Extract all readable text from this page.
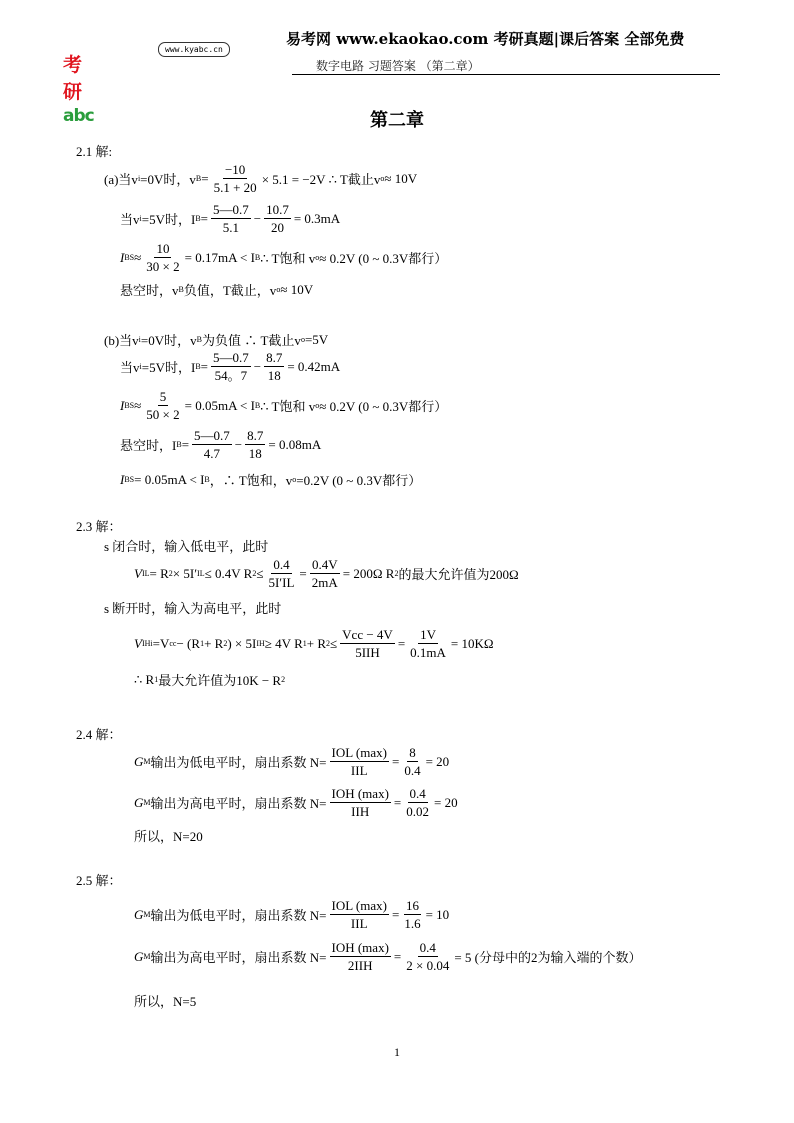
www.kyabc.cn
考研abc
易考网 www.ekaokao.com 考研真题|课后答案 全部免费
数字电路 习题答案 （第二章）
第二章
2.1 解:
(a)当v i =0V时，v $B = \frac{-10}{5.1 + 20} \times 5.1 = -2V$ ∴ T截止v o ≈ 10V
当v i =5V时，I $B = \frac{5—0.7}{5.1} - \frac{10.7}{20} = 0.3mA$
I BS ≈ $\frac{10}{30 \times 2} = 0.17mA < I$ B ∴ T饱和 v o ≈ 0.2V (0 ~ 0.3V都行）
悬空时，v B 负值，T截止，v o ≈ 10V
(b)当v i =0V时，v B 为负值 ∴ T截止v o =5V
当v i =5V时，I $B = \frac{5—0.7}{54。7} - \frac{8.7}{18} = 0.42mA$
I BS ≈ $\frac{5}{50 \times 2} = 0.05mA < I$ B ∴ T饱和 v o ≈ 0.2V (0 ~ 0.3V都行）
悬空时，I $B = \frac{5—0.7}{4.7} - \frac{8.7}{18} = 0.08mA$
I BS = 0.05mA < I B ，∴ T饱和，v o =0.2V (0 ~ 0.3V都行）
2.3 解：
s 闭合时，输入低电平，此时
V IL = R 2 × 5I′ IL ≤ 0.4V R $2 \le \frac{0.4}{5I'IL} = \frac{0.4V}{2mA} = 200\Omega$ R 2 的最大允许值为200Ω
s 断开时，输入为高电平，此时
V IHi =V cc − (R 1 + R 2 ) × 5I IH ≥ 4V R 1 + R $2 \le \frac{\text{Vcc − 4V}}{\text{5IIH}} = \frac{1V}{0.1mA} = 10K\Omega$
∴ R 1 最大允许值为10K − R 2
2.4 解：
G M 输出为低电平时，扇出系数 $N= \frac{\text{IOL (max)}}{\text{IIL}} = \frac{8}{0.4} = 20$
G M 输出为高电平时，扇出系数 $N= \frac{\text{IOH (max)}}{\text{IIH}} = \frac{0.4}{0.02} = 20$
所以，N=20
2.5 解：
G M 输出为低电平时，扇出系数 $N= \frac{\text{IOL (max)}}{\text{IIL}} = \frac{16}{1.6} = 10$
G M 输出为高电平时，扇出系数 $N= \frac{\text{IOH (max)}}{\text{2IIH}} = \frac{0.4}{2 \times 0.04} = 5$ (分母中的2为输入端的个数）
所以，N=5
1
